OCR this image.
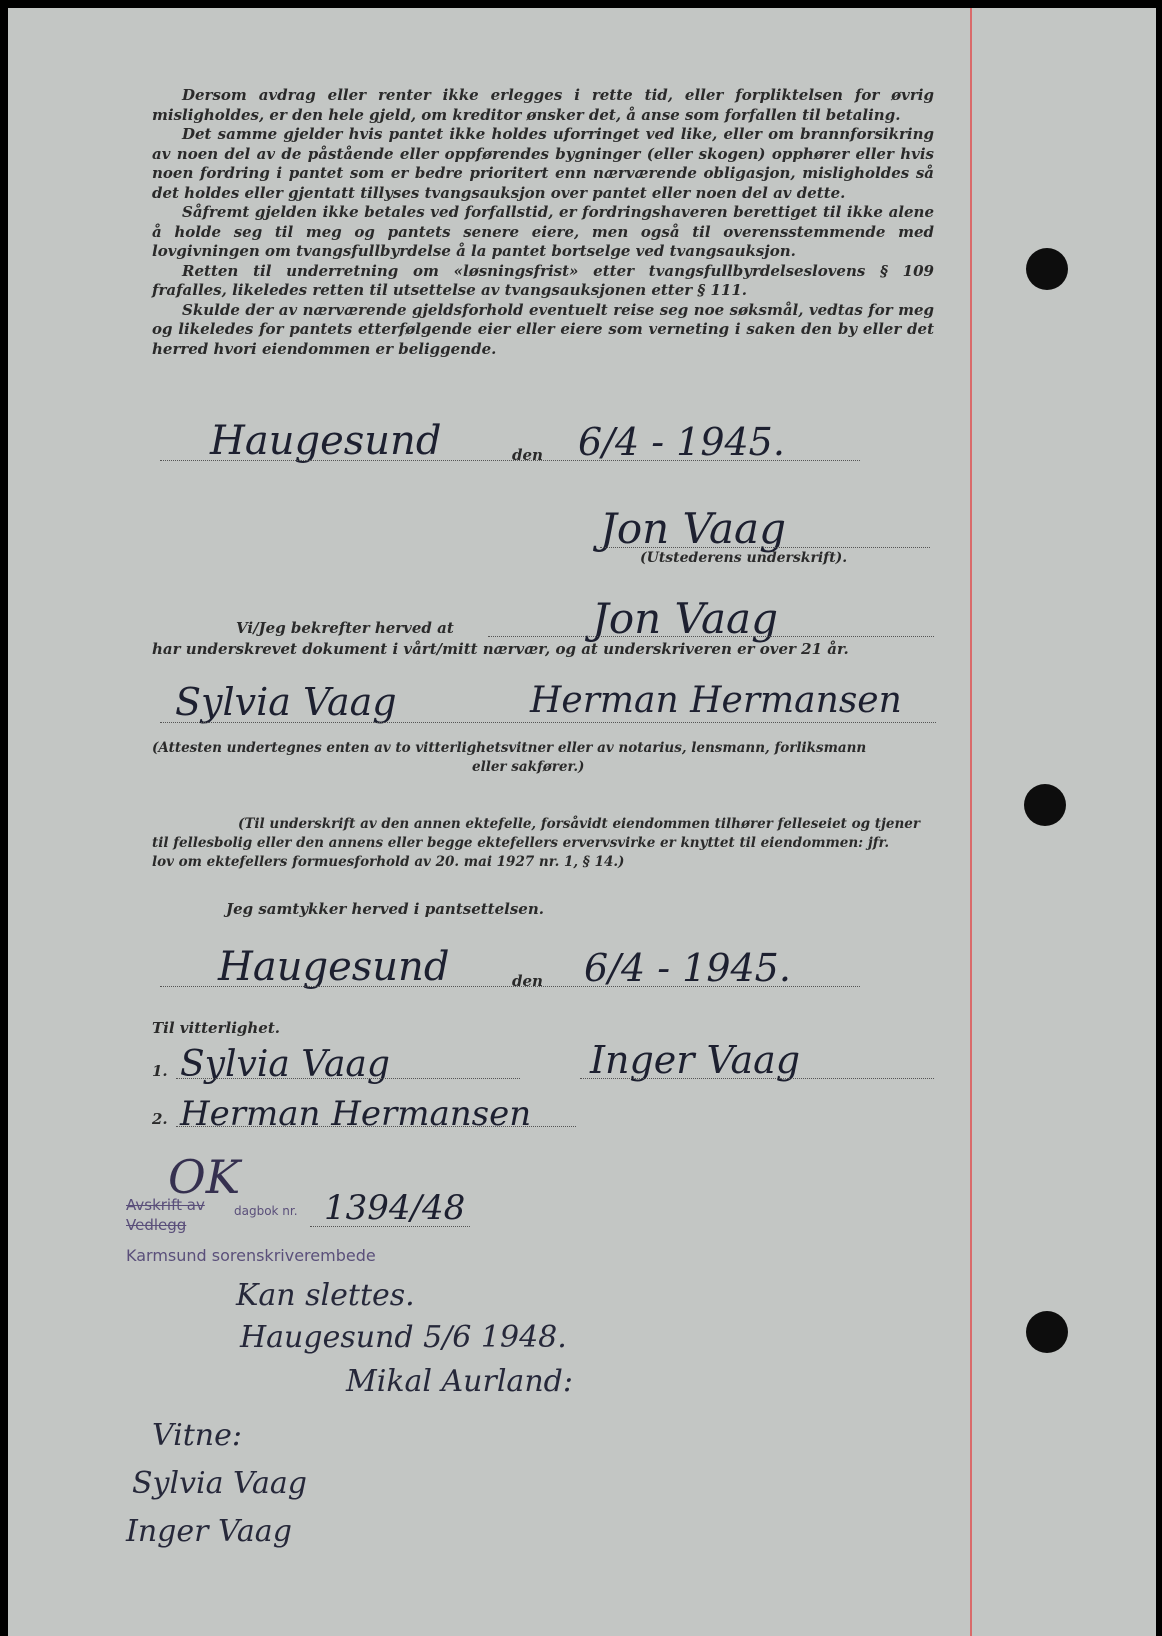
Dersom avdrag eller renter ikke erlegges i rette tid, eller forpliktelsen for øvrig misligholdes, er den hele gjeld, om kreditor ønsker det, å anse som forfallen til betaling.

Det samme gjelder hvis pantet ikke holdes uforringet ved like, eller om brannforsikring av noen del av de påstående eller oppførendes bygninger (eller skogen) opphører eller hvis noen fordring i pantet som er bedre prioritert enn nærværende obligasjon, misligholdes så det holdes eller gjentatt tillyses tvangsauksjon over pantet eller noen del av dette.

Såfremt gjelden ikke betales ved forfallstid, er fordringshaveren berettiget til ikke alene å holde seg til meg og pantets senere eiere, men også til overensstemmende med lovgivningen om tvangsfullbyrdelse å la pantet bortselge ved tvangsauksjon.

Retten til underretning om «løsningsfrist» etter tvangsfullbyrdelseslovens § 109 frafalles, likeledes retten til utsettelse av tvangsauksjonen etter § 111.

Skulde der av nærværende gjeldsforhold eventuelt reise seg noe søksmål, vedtas for meg og likeledes for pantets etterfølgende eier eller eiere som verneting i saken den by eller det herred hvori eiendommen er beliggende.

Haugesund	den 6/4 - 1945.
Jon Vaag
(Utstederens underskrift).
Vi/Jeg bekrefter herved at	Jon Vaag
har underskrevet dokument i vårt/mitt nærvær, og at underskriveren er over 21 år.
Sylvia Vaag	Herman Hermansen
(Attesten undertegnes enten av to vitterlighetsvitner eller av notarius, lensmann, forliksmann
eller sakfører.)
(Til underskrift av den annen ektefelle, forsåvidt eiendommen tilhører felleseiet og tjener
til fellesbolig eller den annens eller begge ektefellers ervervsvirke er knyttet til eiendommen: jfr.
lov om ektefellers formuesforhold av 20. mai 1927 nr. 1, § 14.)
Jeg samtykker herved i pantsettelsen.
Haugesund	den 6/4 - 1945.
Til vitterlighet.
1. Sylvia Vaag	Inger Vaag
2. Herman Hermansen
OK
Avskrift av
Vedlegg
dagbok nr. 1394/48
Karmsund sorenskriverembede
Kan slettes.
Haugesund 5/6 1948.
Mikal Aurland:
Vitne:
Sylvia Vaag
Inger Vaag
